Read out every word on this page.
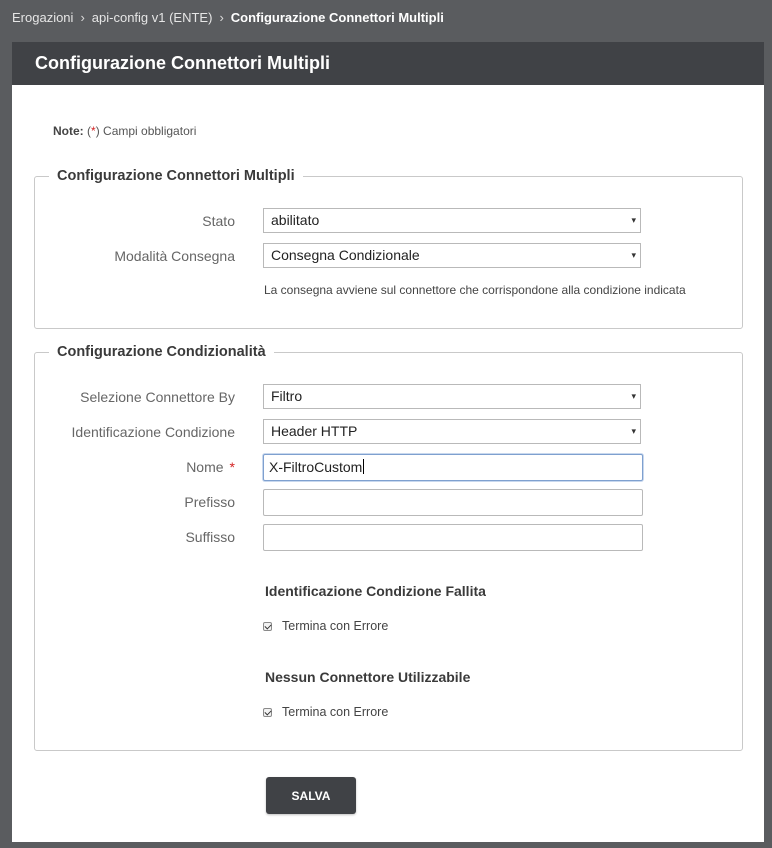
Erogazioni › api-config v1 (ENTE) › Configurazione Connettori Multipli
Configurazione Connettori Multipli
Note: (*) Campi obbligatori
Configurazione Connettori Multipli
Stato	abilitato	▾
Modalità Consegna	Consegna Condizionale	▾
La consegna avviene sul connettore che corrispondone alla condizione indicata
Configurazione Condizionalità
Selezione Connettore By	Filtro	▾
Identificazione Condizione	Header HTTP	▾
Nome *	X-FiltroCustom
Prefisso
Suffisso
Identificazione Condizione Fallita
Termina con Errore
Nessun Connettore Utilizzabile
Termina con Errore
SALVA
